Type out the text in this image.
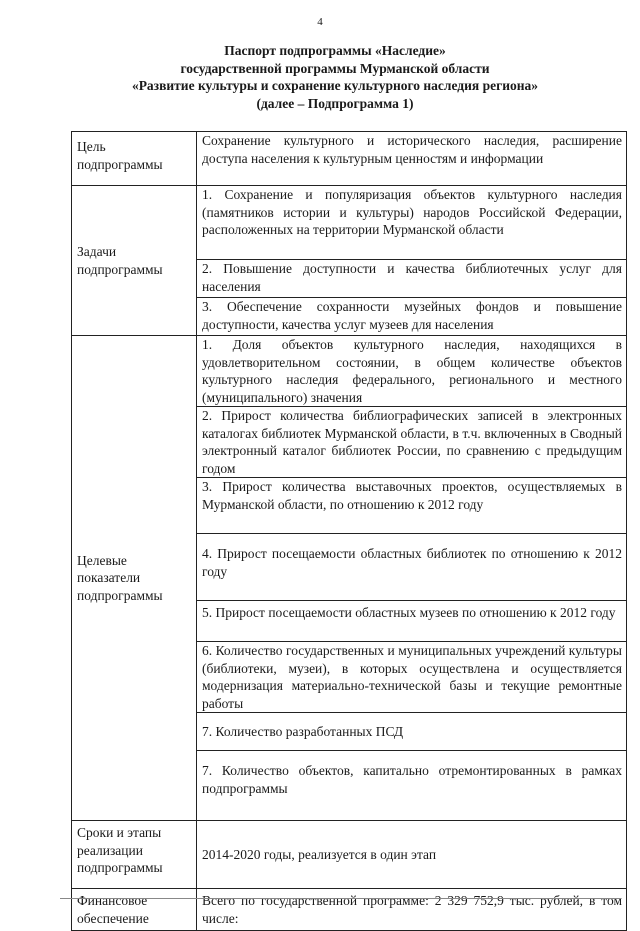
4
Паспорт подпрограммы «Наследие»
государственной программы Мурманской области
«Развитие культуры и сохранение культурного наследия региона»
(далее – Подпрограмма 1)
Цель подпрограммы	Сохранение культурного и исторического наследия, расширение доступа населения к культурным ценностям и информации

Задачи подпрограммы	1. Сохранение и популяризация объектов культурного наследия (памятников истории и культуры) народов Российской Федерации, расположенных на территории Мурманской области
	2. Повышение доступности и качества библиотечных услуг для населения
	3. Обеспечение сохранности музейных фондов и повышение доступности, качества услуг музеев для населения
Целевые показатели подпрограммы	1. Доля объектов культурного наследия, находящихся в удовлетворительном состоянии, в общем количестве объектов культурного наследия федерального, регионального и местного (муниципального) значения
	2. Прирост количества библиографических записей в электронных каталогах библиотек Мурманской области, в т.ч. включенных в Сводный электронный каталог библиотек России, по сравнению с предыдущим годом
	3. Прирост количества выставочных проектов, осуществляемых в Мурманской области, по отношению к 2012 году
	4. Прирост посещаемости областных библиотек по отношению к 2012 году
	5. Прирост посещаемости областных музеев по отношению к 2012 году
	6. Количество государственных и муниципальных учреждений культуры (библиотеки, музеи), в которых осуществлена и осуществляется модернизация материально-технической базы и текущие ремонтные работы
	7. Количество разработанных ПСД
	7. Количество объектов, капитально отремонтированных в рамках подпрограммы
Сроки и этапы реализации подпрограммы	2014-2020 годы, реализуется в один этап
Финансовое обеспечение	Всего по государственной программе: 2 329 752,9 тыс. рублей, в том числе:
